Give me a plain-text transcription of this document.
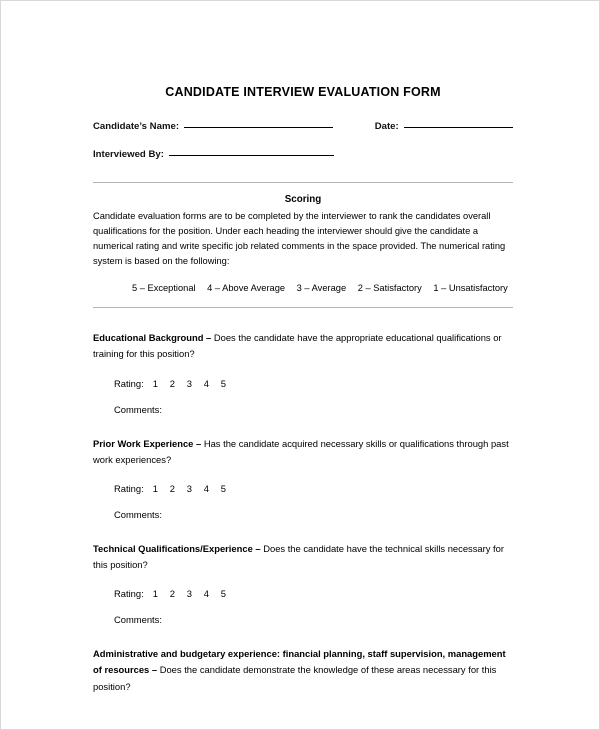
CANDIDATE INTERVIEW EVALUATION FORM
Candidate’s Name:	Date:
Interviewed By:
Scoring
Candidate evaluation forms are to be completed by the interviewer to rank the candidates overall qualifications for the position. Under each heading the interviewer should give the candidate a numerical rating and write specific job related comments in the space provided. The numerical rating system is based on the following:
5 – Exceptional 4 – Above Average 3 – Average 2 – Satisfactory 1 – Unsatisfactory
Educational Background – Does the candidate have the appropriate educational qualifications or training for this position?
Rating: 1	2	3	4	5
Comments:
Prior Work Experience – Has the candidate acquired necessary skills or qualifications through past work experiences?
Rating: 1	2	3	4	5
Comments:
Technical Qualifications/Experience – Does the candidate have the technical skills necessary for this position?
Rating: 1	2	3	4	5
Comments:
Administrative and budgetary experience: financial planning, staff supervision, management of resources – Does the candidate demonstrate the knowledge of these areas necessary for this position?
